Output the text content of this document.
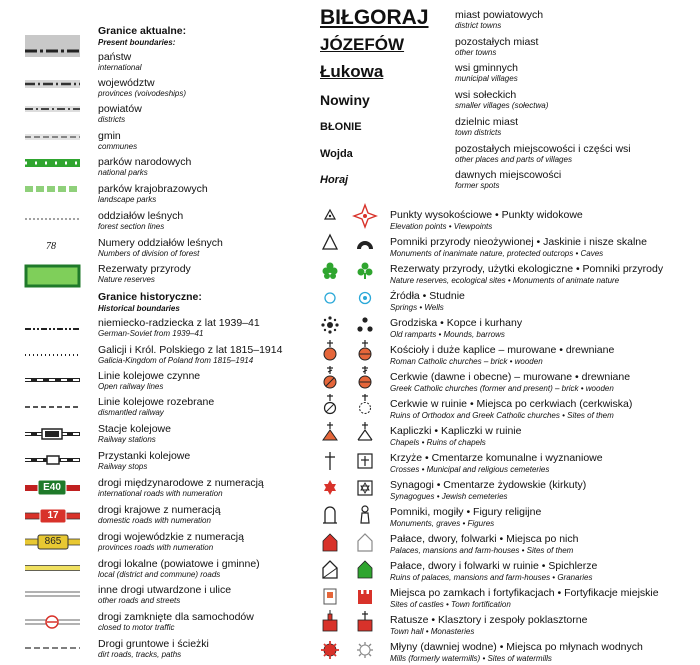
Granice aktualne:
Present boundaries:
78
E40
17
865
państw
international
województw
provinces (voivodeships)
powiatów
districts
gmin
communes
parków narodowych
national parks
parków krajobrazowych
landscape parks
oddziałów leśnych
forest section lines
Numery oddziałów leśnych
Numbers of division of forest
Rezerwaty przyrody
Nature reserves
Granice historyczne:
Historical boundaries
niemiecko-radziecka z lat 1939–41
German-Soviet from 1939–41
Galicji i Król. Polskiego z lat 1815–1914
Galicia-Kingdom of Poland from 1815–1914
Linie kolejowe czynne
Open railway lines
Linie kolejowe rozebrane
dismantled railway
Stacje kolejowe
Railway stations
Przystanki kolejowe
Railway stops
drogi międzynarodowe z numeracją
international roads with numeration
drogi krajowe z numeracją
domestic roads with numeration
drogi wojewódzkie z numeracją
provinces roads with numeration
drogi lokalne (powiatowe i gminne)
local (district and commune) roads
inne drogi utwardzone i ulice
other roads and streets
drogi zamknięte dla samochodów
closed to motor traffic
Drogi gruntowe i ścieżki
dirt roads, tracks, paths
BIŁGORAJ
JÓZEFÓW
Łukowa
Nowiny
BŁONIE
Wojda
Horaj
miast powiatowych
district towns
pozostałych miast
other towns
wsi gminnych
municipal villages
wsi sołeckich
smaller villages (sołectwa)
dzielnic miast
town districts
pozostałych miejscowości i części wsi
other places and parts of villages
dawnych miejscowości
former spots
Punkty wysokościowe • Punkty widokowe
Elevation points • Viewpoints
Pomniki przyrody nieożywionej • Jaskinie i nisze skalne
Monuments of inanimate nature, protected outcrops • Caves
Rezerwaty przyrody, użytki ekologiczne • Pomniki przyrody
Nature reserves, ecological sites • Monuments of animate nature
Źródła • Studnie
Springs • Wells
Grodziska • Kopce i kurhany
Old ramparts • Mounds, barrows
Kościoły i duże kaplice – murowane • drewniane
Roman Catholic churches – brick • wooden
Cerkwie (dawne i obecne) – murowane • drewniane
Greek Catholic churches (former and present) – brick • wooden
Cerkwie w ruinie • Miejsca po cerkwiach (cerkwiska)
Ruins of Orthodox and Greek Catholic churches • Sites of them
Kapliczki • Kapliczki w ruinie
Chapels • Ruins of chapels
Krzyże • Cmentarze komunalne i wyznaniowe
Crosses • Municipal and religious cemeteries
Synagogi • Cmentarze żydowskie (kirkuty)
Synagogues • Jewish cemeteries
Pomniki, mogiły • Figury religijne
Monuments, graves • Figures
Pałace, dwory, folwarki • Miejsca po nich
Palaces, mansions and farm-houses • Sites of them
Pałace, dwory i folwarki w ruinie • Spichlerze
Ruins of palaces, mansions and farm-houses • Granaries
Miejsca po zamkach i fortyfikacjach • Fortyfikacje miejskie
Sites of castles • Town fortification
Ratusze • Klasztory i zespoły poklasztorne
Town hall • Monasteries
Młyny (dawniej wodne) • Miejsca po młynach wodnych
Mills (formerly watermills) • Sites of watermills
